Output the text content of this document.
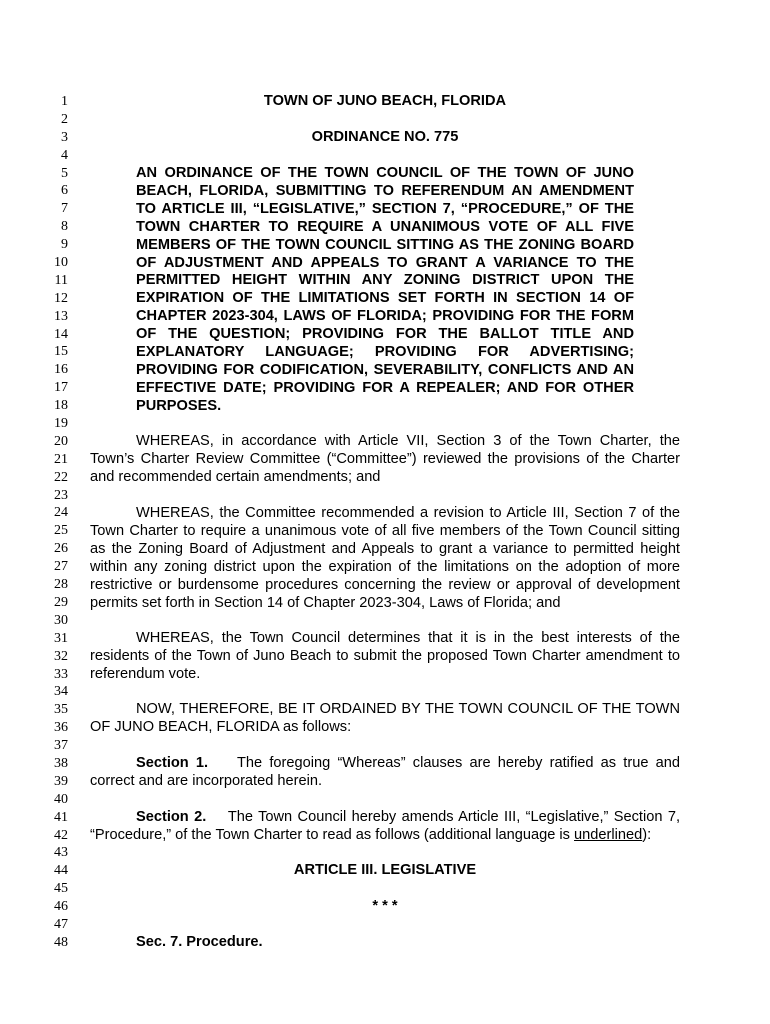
1
2
3
4
5
6
7
8
9
10
11
12
13
14
15
16
17
18
19
20
21
22
23
24
25
26
27
28
29
30
31
32
33
34
35
36
37
38
39
40
41
42
43
44
45
46
47
48
TOWN OF JUNO BEACH, FLORIDA
ORDINANCE NO. 775
AN ORDINANCE OF THE TOWN COUNCIL OF THE TOWN OF JUNO BEACH, FLORIDA, SUBMITTING TO REFERENDUM AN AMENDMENT TO ARTICLE III, “LEGISLATIVE,” SECTION 7, “PROCEDURE,” OF THE TOWN CHARTER TO REQUIRE A UNANIMOUS VOTE OF ALL FIVE MEMBERS OF THE TOWN COUNCIL SITTING AS THE ZONING BOARD OF ADJUSTMENT AND APPEALS TO GRANT A VARIANCE TO THE PERMITTED HEIGHT WITHIN ANY ZONING DISTRICT UPON THE EXPIRATION OF THE LIMITATIONS SET FORTH IN SECTION 14 OF CHAPTER 2023-304, LAWS OF FLORIDA; PROVIDING FOR THE FORM OF THE QUESTION; PROVIDING FOR THE BALLOT TITLE AND EXPLANATORY LANGUAGE; PROVIDING FOR ADVERTISING; PROVIDING FOR CODIFICATION, SEVERABILITY, CONFLICTS AND AN EFFECTIVE DATE; PROVIDING FOR A REPEALER; AND FOR OTHER PURPOSES.
WHEREAS, in accordance with Article VII, Section 3 of the Town Charter, the Town’s Charter Review Committee (“Committee”) reviewed the provisions of the Charter and recommended certain amendments; and
WHEREAS, the Committee recommended a revision to Article III, Section 7 of the Town Charter to require a unanimous vote of all five members of the Town Council sitting as the Zoning Board of Adjustment and Appeals to grant a variance to permitted height within any zoning district upon the expiration of the limitations on the adoption of more restrictive or burdensome procedures concerning the review or approval of development permits set forth in Section 14 of Chapter 2023-304, Laws of Florida; and
WHEREAS, the Town Council determines that it is in the best interests of the residents of the Town of Juno Beach to submit the proposed Town Charter amendment to referendum vote.
NOW, THEREFORE, BE IT ORDAINED BY THE TOWN COUNCIL OF THE TOWN OF JUNO BEACH, FLORIDA as follows:
Section 1. The foregoing “Whereas” clauses are hereby ratified as true and correct and are incorporated herein.
Section 2. The Town Council hereby amends Article III, “Legislative,” Section 7, “Procedure,” of the Town Charter to read as follows (additional language is underlined):
ARTICLE III. LEGISLATIVE
* * *
Sec. 7. Procedure.
